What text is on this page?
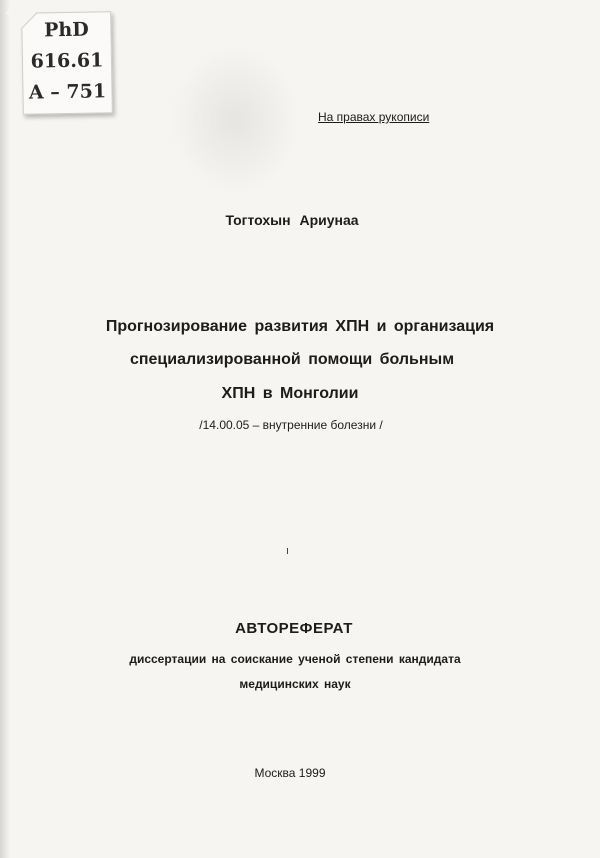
PhD
616.61
A – 751
На правах рукописи
Тогтохын Ариунаа
Прогнозирование развития ХПН и организация
специализированной помощи больным
ХПН в Монголии
/14.00.05 – внутренние болезни /
АВТОРЕФЕРАТ
диссертации на соискание ученой степени кандидата
медицинских наук
Москва 1999
